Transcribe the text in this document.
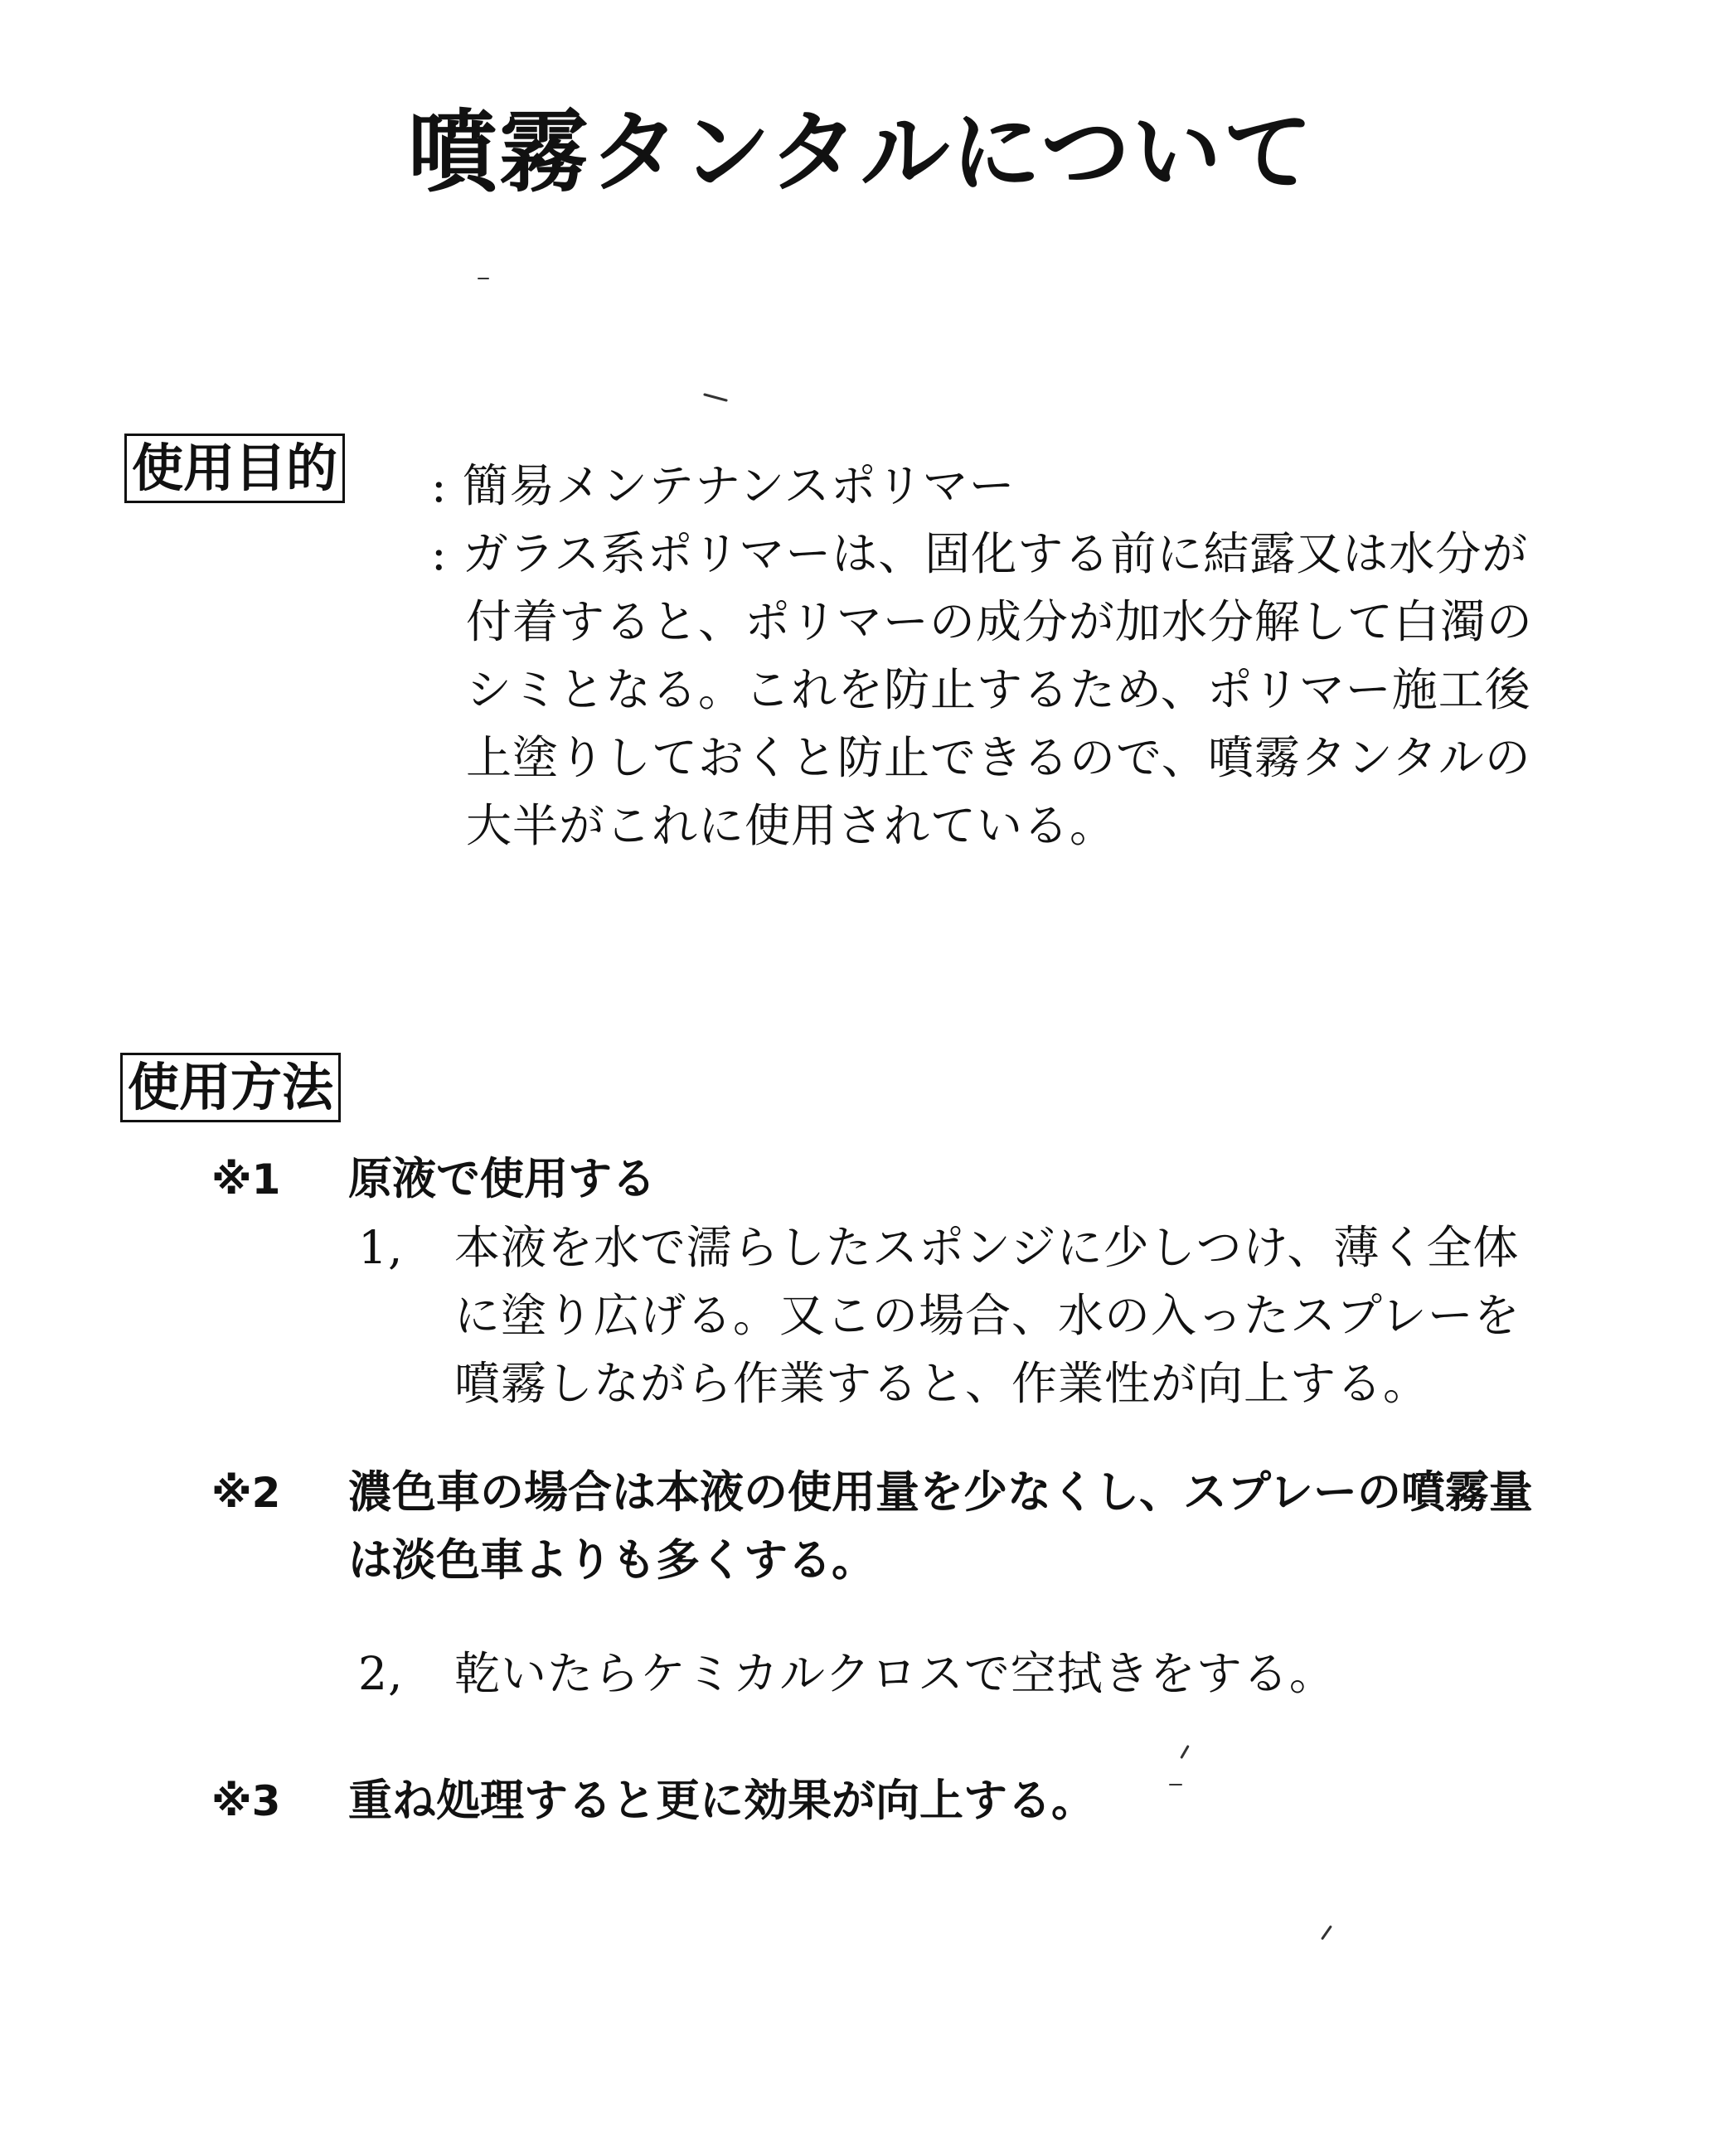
噴霧タンタルについて
使用目的 : 簡易メンテナンスポリマー
: ガラス系ポリマーは、固化する前に結露又は水分が
付着すると、ポリマーの成分が加水分解して白濁の
シミとなる。これを防止するため、ポリマー施工後
上塗りしておくと防止できるので、噴霧タンタルの
大半がこれに使用されている。
使用方法
※1 原液で使用する
1, 本液を水で濡らしたスポンジに少しつけ、薄く全体
に塗り広げる。又この場合、水の入ったスプレーを
噴霧しながら作業すると、作業性が向上する。
※2 濃色車の場合は本液の使用量を少なくし、スプレーの噴霧量
は淡色車よりも多くする。
2, 乾いたらケミカルクロスで空拭きをする。
※3 重ね処理すると更に効果が向上する。
